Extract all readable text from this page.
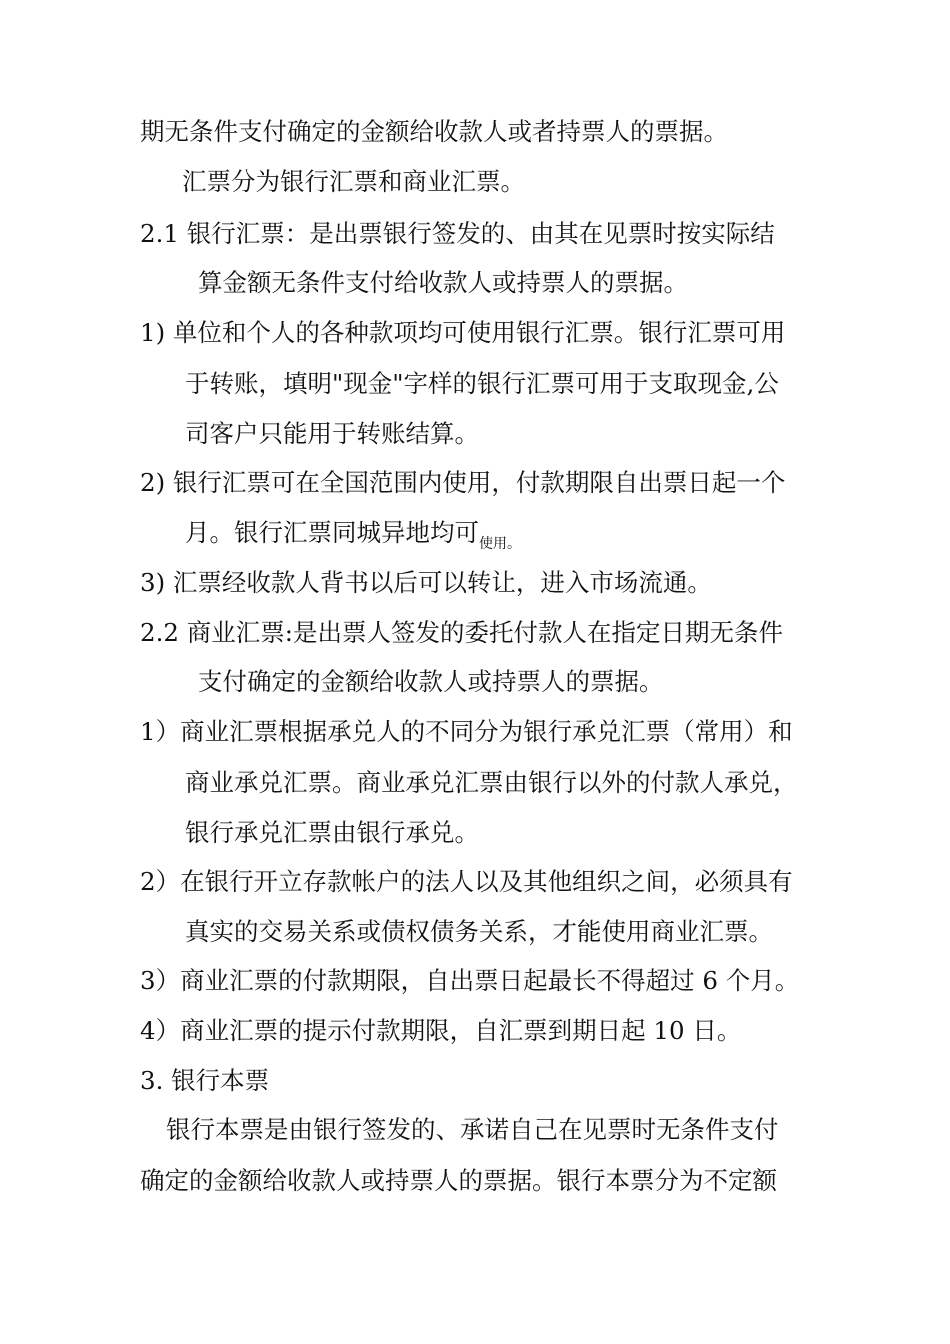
期无条件支付确定的金额给收款人或者持票人的票据。
汇票分为银行汇票和商业汇票。
2.1 银行汇票：是出票银行签发的、由其在见票时按实际结
算金额无条件支付给收款人或持票人的票据。
1) 单位和个人的各种款项均可使用银行汇票。银行汇票可用
于转账，填明"现金"字样的银行汇票可用于支取现金,公
司客户只能用于转账结算。
2) 银行汇票可在全国范围内使用，付款期限自出票日起一个
月。银行汇票同城异地均可$_{使用。}$
3) 汇票经收款人背书以后可以转让，进入市场流通。
2.2 商业汇票:是出票人签发的委托付款人在指定日期无条件
支付确定的金额给收款人或持票人的票据。
1）商业汇票根据承兑人的不同分为银行承兑汇票（常用）和
商业承兑汇票。商业承兑汇票由银行以外的付款人承兑，
银行承兑汇票由银行承兑。
2）在银行开立存款帐户的法人以及其他组织之间，必须具有
真实的交易关系或债权债务关系，才能使用商业汇票。
3）商业汇票的付款期限，自出票日起最长不得超过 6 个月。
4）商业汇票的提示付款期限，自汇票到期日起 10 日。
3. 银行本票
银行本票是由银行签发的、承诺自己在见票时无条件支付
确定的金额给收款人或持票人的票据。银行本票分为不定额
